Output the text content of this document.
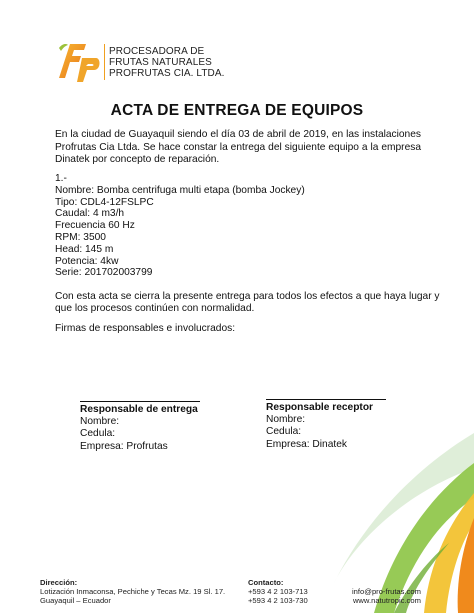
PROCESADORA DE
FRUTAS NATURALES
PROFRUTAS CIA. LTDA.
ACTA DE ENTREGA DE EQUIPOS
En la ciudad de Guayaquil siendo el día 03 de abril de 2019, en las instalaciones
Profrutas Cia Ltda. Se hace constar la entrega del siguiente equipo a la empresa
Dinatek por concepto de reparación.
1.-
Nombre: Bomba centrifuga multi etapa (bomba Jockey)
Tipo: CDL4-12FSLPC
Caudal: 4 m3/h
Frecuencia 60 Hz
RPM: 3500
Head: 145 m
Potencia: 4kw
Serie: 201702003799
Con esta acta se cierra la presente entrega para todos los efectos a que haya lugar y
que los procesos continúen con normalidad.
Firmas de responsables e involucrados:
Responsable de entrega
Nombre:
Cedula:
Empresa: Profrutas
Responsable receptor
Nombre:
Cedula:
Empresa: Dinatek
Dirección:
Lotización Inmaconsa, Pechiche y Tecas Mz. 19 Sl. 17.
Guayaquil – Ecuador
Contacto:
+593 4 2 103-713
+593 4 2 103-730
info@pro-frutas.com
www.natutropic.com
